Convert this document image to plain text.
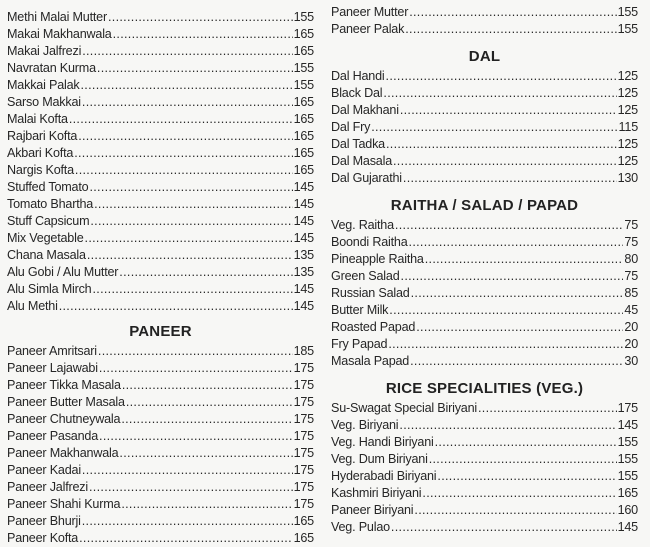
Methi Malai Mutter .....	155
Makai Makhanwala .....	165
Makai Jalfrezi .....	165
Navratan Kurma .....	155
Makkai Palak .....	155
Sarso Makkai .....	165
Malai Kofta .....	165
Rajbari Kofta .....	165
Akbari Kofta .....	165
Nargis Kofta .....	165
Stuffed Tomato .....	145
Tomato Bhartha .....	145
Stuff Capsicum .....	145
Mix Vegetable .....	145
Chana Masala .....	135
Alu Gobi / Alu Mutter .....	135
Alu Simla Mirch .....	145
Alu Methi .....	145
PANEER
Paneer Amritsari .....	185
Paneer Lajawabi .....	175
Paneer Tikka Masala .....	175
Paneer Butter Masala .....	175
Paneer Chutneywala .....	175
Paneer Pasanda .....	175
Paneer Makhanwala .....	175
Paneer Kadai .....	175
Paneer Jalfrezi .....	175
Paneer Shahi Kurma .....	175
Paneer Bhurji .....	165
Paneer Kofta .....	165
Paneer Mutter .....	155
Paneer Palak .....	155
DAL
Dal Handi .....	125
Black Dal .....	125
Dal Makhani .....	125
Dal Fry .....	115
Dal Tadka .....	125
Dal Masala .....	125
Dal Gujarathi .....	130
RAITHA / SALAD / PAPAD
Veg. Raitha .....	75
Boondi Raitha .....	75
Pineapple Raitha .....	80
Green Salad .....	75
Russian Salad .....	85
Butter Milk .....	45
Roasted Papad .....	20
Fry Papad .....	20
Masala Papad .....	30
RICE SPECIALITIES (VEG.)
Su-Swagat Special Biriyani .....	175
Veg. Biriyani .....	145
Veg. Handi Biriyani .....	155
Veg. Dum Biriyani .....	155
Hyderabadi Biriyani .....	155
Kashmiri Biriyani .....	165
Paneer Biriyani .....	160
Veg. Pulao .....	145
